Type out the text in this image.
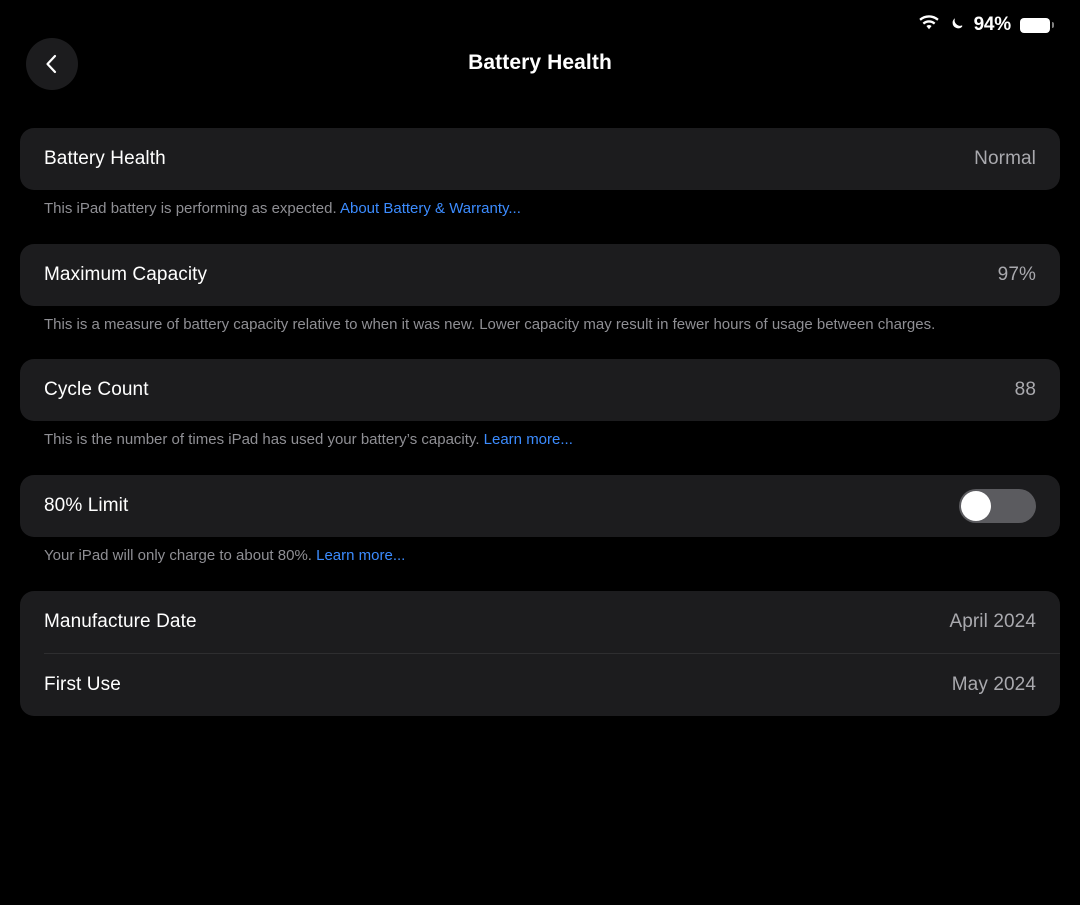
94%
Battery Health
Battery Health	Normal
This iPad battery is performing as expected. About Battery & Warranty...
Maximum Capacity	97%
This is a measure of battery capacity relative to when it was new. Lower capacity may result in fewer hours of usage between charges.
Cycle Count	88
This is the number of times iPad has used your battery’s capacity. Learn more...
80% Limit
Your iPad will only charge to about 80%. Learn more...
Manufacture Date	April 2024
First Use	May 2024
